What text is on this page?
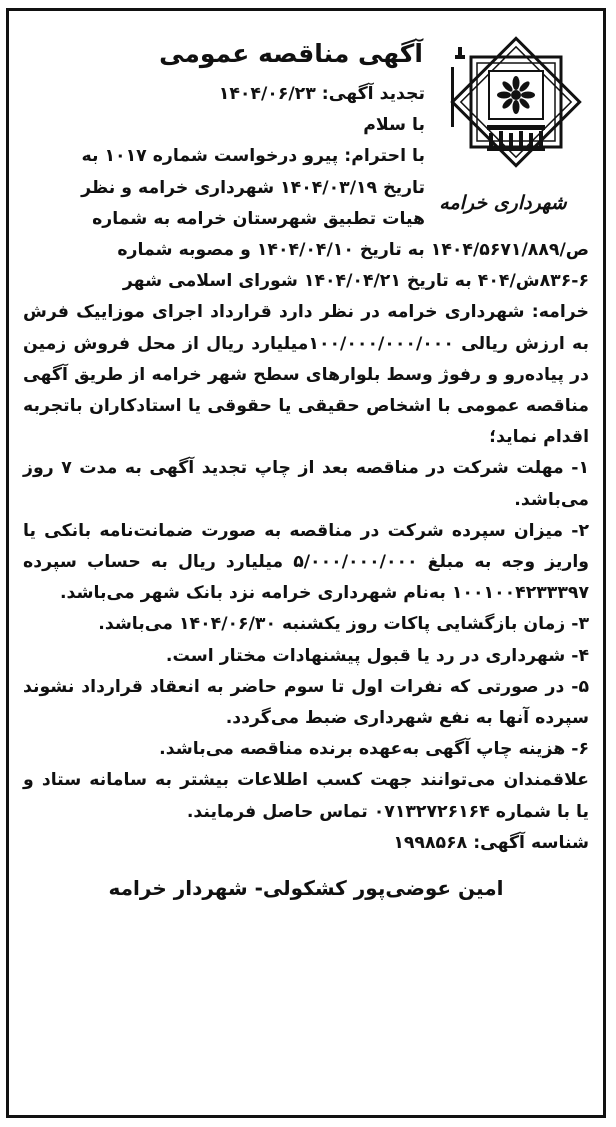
شهرداری خرامه
آگهی مناقصه عمومی
تجدید آگهی: ۱۴۰۴/۰۶/۲۳
با سلام
با احترام: پیرو درخواست شماره ۱۰۱۷ به
تاریخ ۱۴۰۴/۰۳/۱۹ شهرداری خرامه و نظر
هیات تطبیق شهرستان خرامه به شماره
ص/۱۴۰۴/۵۶۷۱/۸۸۹ به تاریخ ۱۴۰۴/۰۴/۱۰ و مصوبه شماره
۸۳۶-۶ش/۴۰۴ به تاریخ ۱۴۰۴/۰۴/۲۱ شورای اسلامی شهر
خرامه: شهرداری خرامه در نظر دارد قرارداد اجرای موزاییک فرش به ارزش ریالی ۱۰۰/۰۰۰/۰۰۰/۰۰۰میلیارد ریال از محل فروش زمین در پیاده‌رو و رفوژ وسط بلوارهای سطح شهر خرامه از طریق آگهی مناقصه عمومی با اشخاص حقیقی یا حقوقی یا استادکاران باتجربه اقدام نماید؛
۱- مهلت شرکت در مناقصه بعد از چاپ تجدید آگهی به مدت ۷ روز می‌باشد.
۲- میزان سپرده شرکت در مناقصه به صورت ضمانت‌نامه بانکی یا واریز وجه به مبلغ ۵/۰۰۰/۰۰۰/۰۰۰ میلیارد ریال به حساب سپرده ۱۰۰۱۰۰۴۲۳۳۳۹۷ به‌نام شهرداری خرامه نزد بانک شهر می‌باشد.
۳- زمان بازگشایی پاکات روز یکشنبه ۱۴۰۴/۰۶/۳۰ می‌باشد.
۴- شهرداری در رد یا قبول پیشنهادات مختار است.
۵- در صورتی که نفرات اول تا سوم حاضر به انعقاد قرارداد نشوند سپرده آنها به نفع شهرداری ضبط می‌گردد.
۶- هزینه چاپ آگهی به‌عهده برنده مناقصه می‌باشد.
علاقمندان می‌توانند جهت کسب اطلاعات بیشتر به سامانه ستاد و یا با شماره ۰۷۱۳۲۷۲۶۱۶۴ تماس حاصل فرمایند.
شناسه آگهی: ۱۹۹۸۵۶۸
امین عوضی‌پور کشکولی- شهردار خرامه
